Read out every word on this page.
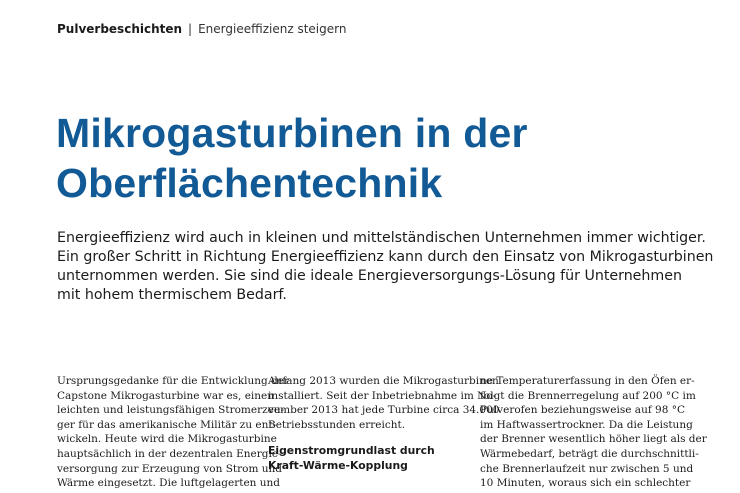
Pulverbeschichten | Energieeffizienz steigern
Mikrogasturbinen in der
Oberflächentechnik
Energieeffizienz wird auch in kleinen und mittelständischen Unternehmen immer wichtiger.
Ein großer Schritt in Richtung Energieeffizienz kann durch den Einsatz von Mikrogasturbinen
unternommen werden. Sie sind die ideale Energieversorgungs-Lösung für Unternehmen
mit hohem thermischem Bedarf.
Ursprungsgedanke für die Entwicklung der
Capstone Mikrogasturbine war es, einen
leichten und leistungsfähigen Stromerzeu-
ger für das amerikanische Militär zu ent-
wickeln. Heute wird die Mikrogasturbine
hauptsächlich in der dezentralen Energie-
versorgung zur Erzeugung von Strom und
Wärme eingesetzt. Die luftgelagerten und
Anfang 2013 wurden die Mikrogasturbinen
installiert. Seit der Inbetriebnahme im No-
vember 2013 hat jede Turbine circa 34.000
Betriebsstunden erreicht.
Eigenstromgrundlast durch
Kraft-Wärme-Kopplung
ne Temperaturerfassung in den Öfen er-
folgt die Brennerregelung auf 200 °C im
Pulverofen beziehungsweise auf 98 °C
im Haftwassertrockner. Da die Leistung
der Brenner wesentlich höher liegt als der
Wärmebedarf, beträgt die durchschnittli-
che Brennerlaufzeit nur zwischen 5 und
10 Minuten, woraus sich ein schlechter
